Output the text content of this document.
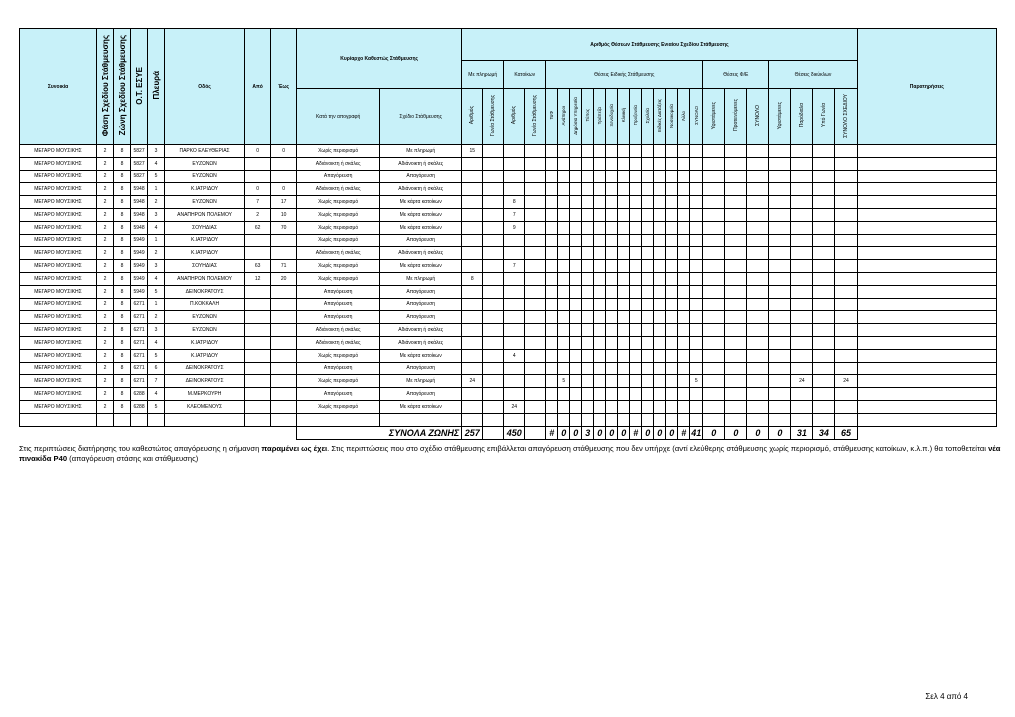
Συνοικία	Φάση Σχεδίου Στάθμευσης	Ζώνη Σχεδίου Στάθμευσης	Ο.Τ. ΕΣΥΕ	Πλευρά	Οδός	Από	Έως	Κυρίαρχο Καθεστώς Στάθμευσης		Αριθμός Θέσεων Στάθμευσης Ενιαίου Σχεδίου Στάθμευσης																								Παρατηρήσεις
										Με πληρωμή		Κατοίκων		Θέσεις Ειδικής Στάθμευσης													Θέσεις Φ/Ε			Θέσεις δικύκλων				
								Κατά την απογραφή	Σχέδιο Στάθμευσης	Αριθμός	Γωνία Στάθμευσης	Αριθμός	Γωνία Στάθμευσης	ΤαΦ	Ανάπηροι	Δημόσια Υπηρεσία	Τύπος	Τράπεζα	Ξενοδοχεία	Κλινική	Προξενεία	Σχολεία	Ειδικές Διατάξεις	Νοσοκομεία	Άλλο	ΣΥΝΟΛΟ	Υφιστάμενες	Προτεινόμενες	ΣΥΝΟΛΟ	Υφιστάμενες	Παρόδιαλα	Υπό Γωνία	ΣΥΝΟΛΟ ΣΧΕΔΙΟΥ	
ΜΕΓΑΡΟ ΜΟΥΣΙΚΗΣ	2	8	5827	3	ΠΑΡΚΟ ΕΛΕΥΘΕΡΙΑΣ	0	0	Χωρίς περιορισμό	Με πληρωμή	15																								
ΜΕΓΑΡΟ ΜΟΥΣΙΚΗΣ	2	8	5827	4	ΕΥΖΩΝΩΝ			Αδιάνοικτη ή σκάλες	Αδιάνοικτη ή σκάλες																									
ΜΕΓΑΡΟ ΜΟΥΣΙΚΗΣ	2	8	5827	5	ΕΥΖΩΝΩΝ			Απαγόρευση	Απαγόρευση																									
ΜΕΓΑΡΟ ΜΟΥΣΙΚΗΣ	2	8	5948	1	Κ.ΙΑΤΡΙΔΟΥ	0	0	Αδιάνοικτη ή σκάλες	Αδιάνοικτη ή σκάλες																									
ΜΕΓΑΡΟ ΜΟΥΣΙΚΗΣ	2	8	5948	2	ΕΥΖΩΝΩΝ	7	17	Χωρίς περιορισμό	Με κάρτα κατοίκων			8																						
ΜΕΓΑΡΟ ΜΟΥΣΙΚΗΣ	2	8	5948	3	ΑΝΑΠΗΡΩΝ ΠΟΛΕΜΟΥ	2	10	Χωρίς περιορισμό	Με κάρτα κατοίκων			7																						
ΜΕΓΑΡΟ ΜΟΥΣΙΚΗΣ	2	8	5948	4	ΣΟΥΗΔΙΑΣ	62	70	Χωρίς περιορισμό	Με κάρτα κατοίκων			9																						
ΜΕΓΑΡΟ ΜΟΥΣΙΚΗΣ	2	8	5949	1	Κ.ΙΑΤΡΙΔΟΥ			Χωρίς περιορισμό	Απαγόρευση																									
ΜΕΓΑΡΟ ΜΟΥΣΙΚΗΣ	2	8	5949	2	Κ.ΙΑΤΡΙΔΟΥ			Αδιάνοικτη ή σκάλες	Αδιάνοικτη ή σκάλες																									
ΜΕΓΑΡΟ ΜΟΥΣΙΚΗΣ	2	8	5949	3	ΣΟΥΗΔΙΑΣ	63	71	Χωρίς περιορισμό	Με κάρτα κατοίκων			7																						
ΜΕΓΑΡΟ ΜΟΥΣΙΚΗΣ	2	8	5949	4	ΑΝΑΠΗΡΩΝ ΠΟΛΕΜΟΥ	12	20	Χωρίς περιορισμό	Με πληρωμή	8																								
ΜΕΓΑΡΟ ΜΟΥΣΙΚΗΣ	2	8	5949	5	ΔΕΙΝΟΚΡΑΤΟΥΣ			Απαγόρευση	Απαγόρευση																									
ΜΕΓΑΡΟ ΜΟΥΣΙΚΗΣ	2	8	6271	1	Π.ΚΟΚΚΑΛΗ			Απαγόρευση	Απαγόρευση																									
ΜΕΓΑΡΟ ΜΟΥΣΙΚΗΣ	2	8	6271	2	ΕΥΖΩΝΩΝ			Απαγόρευση	Απαγόρευση																									
ΜΕΓΑΡΟ ΜΟΥΣΙΚΗΣ	2	8	6271	3	ΕΥΖΩΝΩΝ			Αδιάνοικτη ή σκάλες	Αδιάνοικτη ή σκάλες																									
ΜΕΓΑΡΟ ΜΟΥΣΙΚΗΣ	2	8	6271	4	Κ.ΙΑΤΡΙΔΟΥ			Αδιάνοικτη ή σκάλες	Αδιάνοικτη ή σκάλες																									
ΜΕΓΑΡΟ ΜΟΥΣΙΚΗΣ	2	8	6271	5	Κ.ΙΑΤΡΙΔΟΥ			Χωρίς περιορισμό	Με κάρτα κατοίκων			4																						
ΜΕΓΑΡΟ ΜΟΥΣΙΚΗΣ	2	8	6271	6	ΔΕΙΝΟΚΡΑΤΟΥΣ			Απαγόρευση	Απαγόρευση																									
ΜΕΓΑΡΟ ΜΟΥΣΙΚΗΣ	2	8	6271	7	ΔΕΙΝΟΚΡΑΤΟΥΣ			Χωρίς περιορισμό	Με πληρωμή	24					5											5					24		24	
ΜΕΓΑΡΟ ΜΟΥΣΙΚΗΣ	2	8	6288	4	Μ.ΜΕΡΚΟΥΡΗ			Απαγόρευση	Απαγόρευση																									
ΜΕΓΑΡΟ ΜΟΥΣΙΚΗΣ	2	8	6288	5	ΚΛΕΟΜΕΝΟΥΣ			Χωρίς περιορισμό	Με κάρτα κατοίκων			24																						

								ΣΥΝΟΛΑ ΖΩΝΗΣ		257		450		#	0	0	3	0	0	0	#	0	0	0	#	41	0	0	0	0	31	34	65	
Στις περιπτώσεις διατήρησης του καθεστώτος απαγόρευσης η σήμανση παραμένει ως έχει. Στις περιπτώσεις που στο σχέδιο στάθμευσης επιβάλλεται απαγόρευση στάθμευσης που δεν υπήρχε (αντί ελεύθερης στάθμευσης χωρίς περιορισμό, στάθμευσης κατοίκων, κ.λ.π.) θα τοποθετείται νέα πινακίδα Ρ40 (απαγόρευση στάσης και στάθμευσης)
Σελ 4 από 4
